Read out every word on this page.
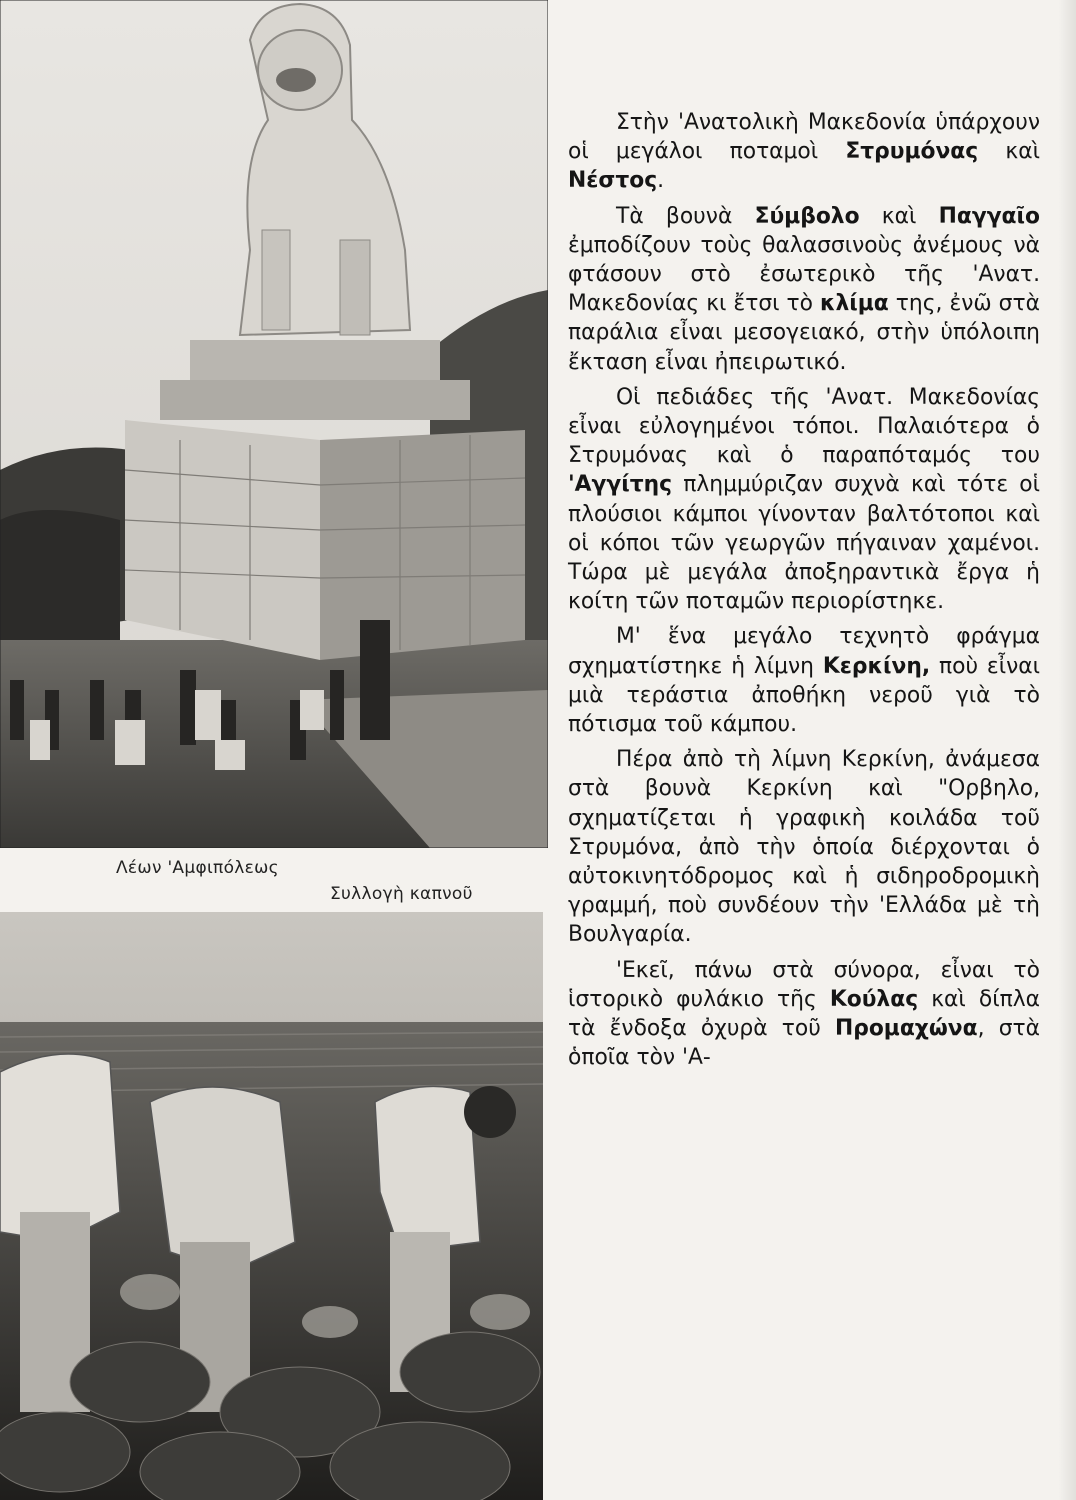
Λέων 'Αμφιπόλεως
Συλλογὴ καπνοῦ

Στὴν 'Ανατολικὴ Μακεδονία ὑπάρχουν οἱ μεγάλοι ποταμοὶ Στρυμόνας καὶ Νέστος.

Τὰ βουνὰ Σύμβολο καὶ Παγγαῖο ἐμποδίζουν τοὺς θαλασσινοὺς ἀνέμους νὰ φτάσουν στὸ ἐσωτερικὸ τῆς 'Ανατ. Μακεδονίας κι ἔτσι τὸ κλίμα της, ἐνῶ στὰ παράλια εἶναι μεσογειακό, στὴν ὑπόλοιπη ἔκταση εἶναι ἠπειρωτικό.

Οἱ πεδιάδες τῆς 'Ανατ. Μακεδονίας εἶναι εὐλογημένοι τόποι. Παλαιότερα ὁ Στρυμόνας καὶ ὁ παραπόταμός του 'Αγγίτης πλημμύριζαν συχνὰ καὶ τότε οἱ πλούσιοι κάμποι γίνονταν βαλτότοποι καὶ οἱ κόποι τῶν γεωργῶν πήγαιναν χαμένοι. Τώρα μὲ μεγάλα ἀποξηραντικὰ ἔργα ἡ κοίτη τῶν ποταμῶν περιορίστηκε.

Μ' ἕνα μεγάλο τεχνητὸ φράγμα σχηματίστηκε ἡ λίμνη Κερκίνη, ποὺ εἶναι μιὰ τεράστια ἀποθήκη νεροῦ γιὰ τὸ πότισμα τοῦ κάμπου.

Πέρα ἀπὸ τὴ λίμνη Κερκίνη, ἀνάμεσα στὰ βουνὰ Κερκίνη καὶ "Ορβηλο, σχηματίζεται ἡ γραφικὴ κοιλάδα τοῦ Στρυμόνα, ἀπὸ τὴν ὁποία διέρχονται ὁ αὐτοκινητόδρομος καὶ ἡ σιδηροδρομικὴ γραμμή, ποὺ συνδέουν τὴν 'Ελλάδα μὲ τὴ Βουλγαρία.

'Εκεῖ, πάνω στὰ σύνορα, εἶναι τὸ ἱστορικὸ φυλάκιο τῆς Κούλας καὶ δίπλα τὰ ἔνδοξα ὀχυρὰ τοῦ Προμαχώνα, στὰ ὁποῖα τὸν 'Α-
